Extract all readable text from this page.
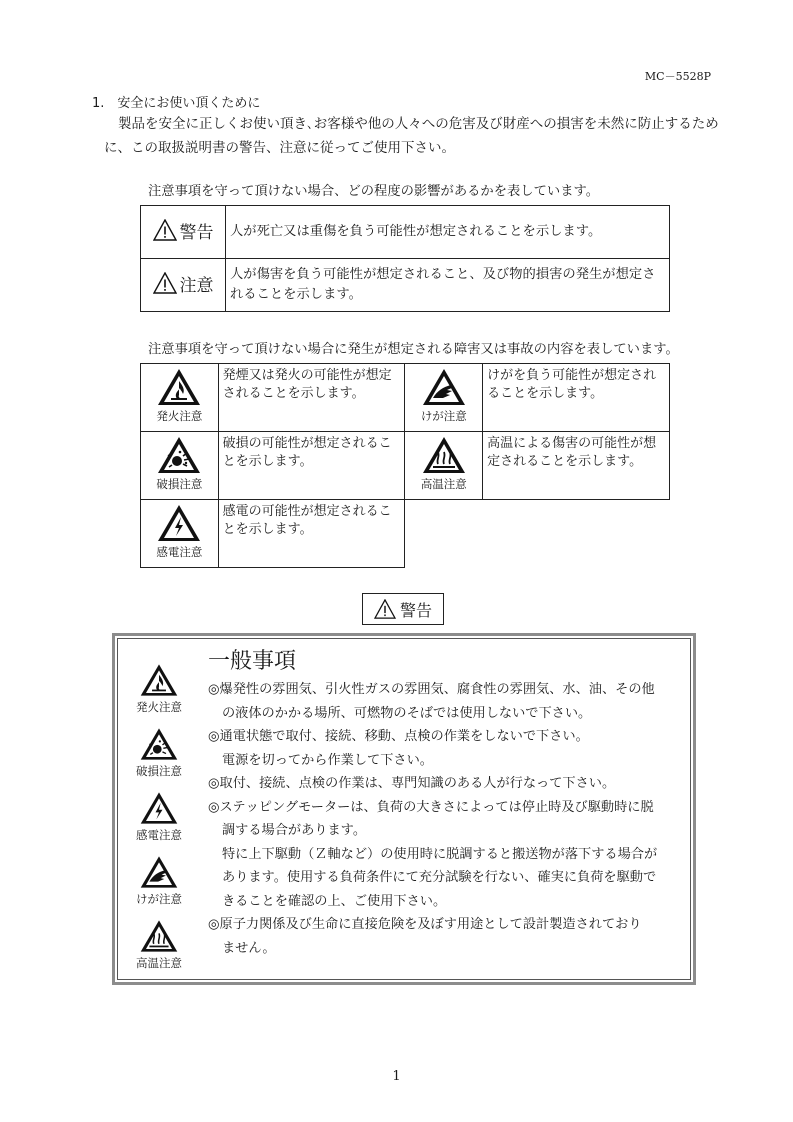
MC－5528P
1.　安全にお使い頂くために
製品を安全に正しくお使い頂き､お客様や他の人々への危害及び財産への損害を未然に防止するために、この取扱説明書の警告、注意に従ってご使用下さい。
注意事項を守って頂けない場合、どの程度の影響があるかを表しています。
警告	人が死亡又は重傷を負う可能性が想定されることを示します。

注意	人が傷害を負う可能性が想定されること、及び物的損害の発生が想定されることを示します。
注意事項を守って頂けない場合に発生が想定される障害又は事故の内容を表しています。
発火注意	発煙又は発火の可能性が想定されることを示します。	けが注意	けがを負う可能性が想定されることを示します。

破損注意	破損の可能性が想定されることを示します。	高温注意	高温による傷害の可能性が想定されることを示します。

感電注意	感電の可能性が想定されることを示します。		
警告
一般事項
発火注意
破損注意
感電注意
けが注意
高温注意

◎爆発性の雰囲気、引火性ガスの雰囲気、腐食性の雰囲気、水、油、その他

の液体のかかる場所、可燃物のそばでは使用しないで下さい。

◎通電状態で取付、接続、移動、点検の作業をしないで下さい。

電源を切ってから作業して下さい。

◎取付、接続、点検の作業は、専門知識のある人が行なって下さい。

◎ステッピングモーターは、負荷の大きさによっては停止時及び駆動時に脱

調する場合があります。

特に上下駆動（Ｚ軸など）の使用時に脱調すると搬送物が落下する場合が

あります。使用する負荷条件にて充分試験を行ない、確実に負荷を駆動で

きることを確認の上、ご使用下さい。

◎原子力関係及び生命に直接危険を及ぼす用途として設計製造されており

ません。

1
